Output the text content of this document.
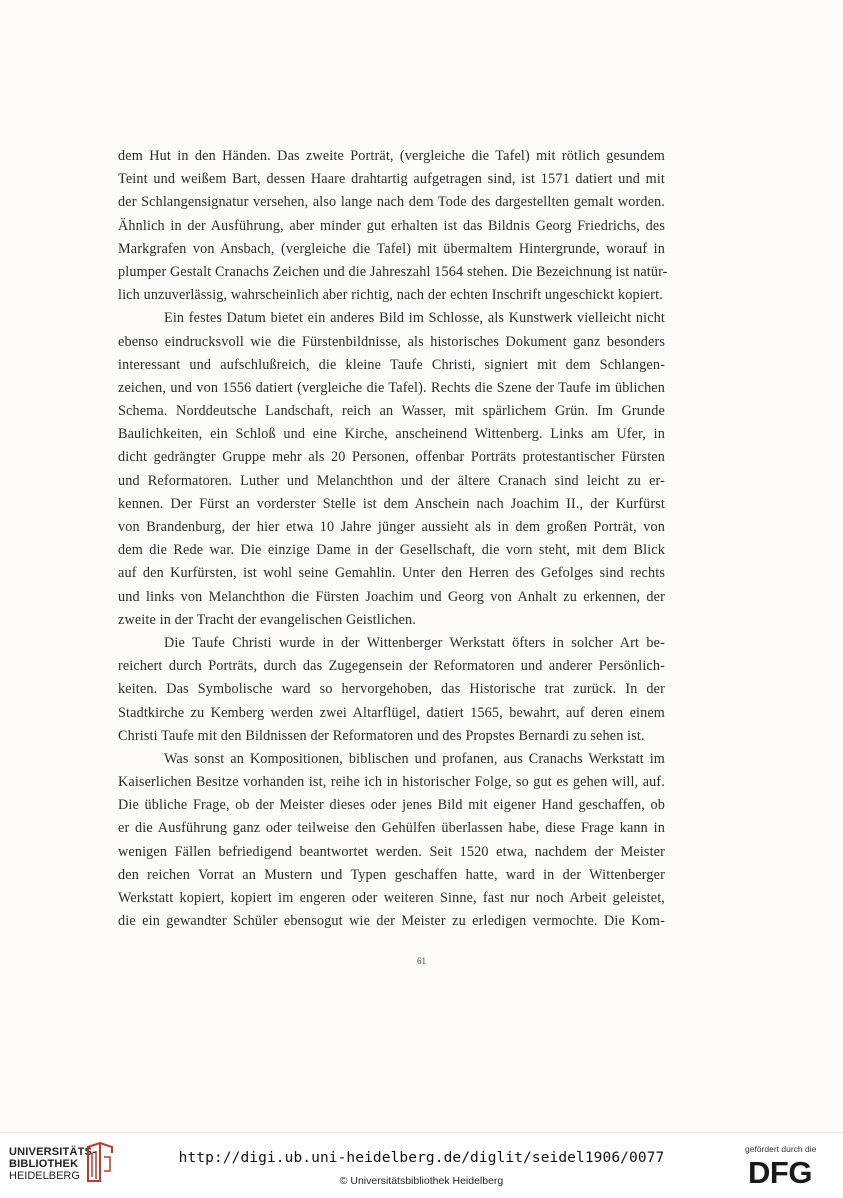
dem Hut in den Händen. Das zweite Porträt, (vergleiche die Tafel) mit rötlich gesundem
Teint und weißem Bart, dessen Haare drahtartig aufgetragen sind, ist 1571 datiert und mit
der Schlangensignatur versehen, also lange nach dem Tode des dargestellten gemalt worden.
Ähnlich in der Ausführung, aber minder gut erhalten ist das Bildnis Georg Friedrichs, des
Markgrafen von Ansbach, (vergleiche die Tafel) mit übermaltem Hintergrunde, worauf in
plumper Gestalt Cranachs Zeichen und die Jahreszahl 1564 stehen. Die Bezeichnung ist natür-
lich unzuverlässig, wahrscheinlich aber richtig, nach der echten Inschrift ungeschickt kopiert.
Ein festes Datum bietet ein anderes Bild im Schlosse, als Kunstwerk vielleicht nicht
ebenso eindrucksvoll wie die Fürstenbildnisse, als historisches Dokument ganz besonders
interessant und aufschlußreich, die kleine Taufe Christi, signiert mit dem Schlangen-
zeichen, und von 1556 datiert (vergleiche die Tafel). Rechts die Szene der Taufe im üblichen
Schema. Norddeutsche Landschaft, reich an Wasser, mit spärlichem Grün. Im Grunde
Baulichkeiten, ein Schloß und eine Kirche, anscheinend Wittenberg. Links am Ufer, in
dicht gedrängter Gruppe mehr als 20 Personen, offenbar Porträts protestantischer Fürsten
und Reformatoren. Luther und Melanchthon und der ältere Cranach sind leicht zu er-
kennen. Der Fürst an vorderster Stelle ist dem Anschein nach Joachim II., der Kurfürst
von Brandenburg, der hier etwa 10 Jahre jünger aussieht als in dem großen Porträt, von
dem die Rede war. Die einzige Dame in der Gesellschaft, die vorn steht, mit dem Blick
auf den Kurfürsten, ist wohl seine Gemahlin. Unter den Herren des Gefolges sind rechts
und links von Melanchthon die Fürsten Joachim und Georg von Anhalt zu erkennen, der
zweite in der Tracht der evangelischen Geistlichen.
Die Taufe Christi wurde in der Wittenberger Werkstatt öfters in solcher Art be-
reichert durch Porträts, durch das Zugegensein der Reformatoren und anderer Persönlich-
keiten. Das Symbolische ward so hervorgehoben, das Historische trat zurück. In der
Stadtkirche zu Kemberg werden zwei Altarflügel, datiert 1565, bewahrt, auf deren einem
Christi Taufe mit den Bildnissen der Reformatoren und des Propstes Bernardi zu sehen ist.
Was sonst an Kompositionen, biblischen und profanen, aus Cranachs Werkstatt im
Kaiserlichen Besitze vorhanden ist, reihe ich in historischer Folge, so gut es gehen will, auf.
Die übliche Frage, ob der Meister dieses oder jenes Bild mit eigener Hand geschaffen, ob
er die Ausführung ganz oder teilweise den Gehülfen überlassen habe, diese Frage kann in
wenigen Fällen befriedigend beantwortet werden. Seit 1520 etwa, nachdem der Meister
den reichen Vorrat an Mustern und Typen geschaffen hatte, ward in der Wittenberger
Werkstatt kopiert, kopiert im engeren oder weiteren Sinne, fast nur noch Arbeit geleistet,
die ein gewandter Schüler ebensogut wie der Meister zu erledigen vermochte. Die Kom-
61
UNIVERSITÄTS-
BIBLIOTHEK
HEIDELBERG
http://digi.ub.uni-heidelberg.de/diglit/seidel1906/0077
© Universitätsbibliothek Heidelberg
gefördert durch die
DFG
